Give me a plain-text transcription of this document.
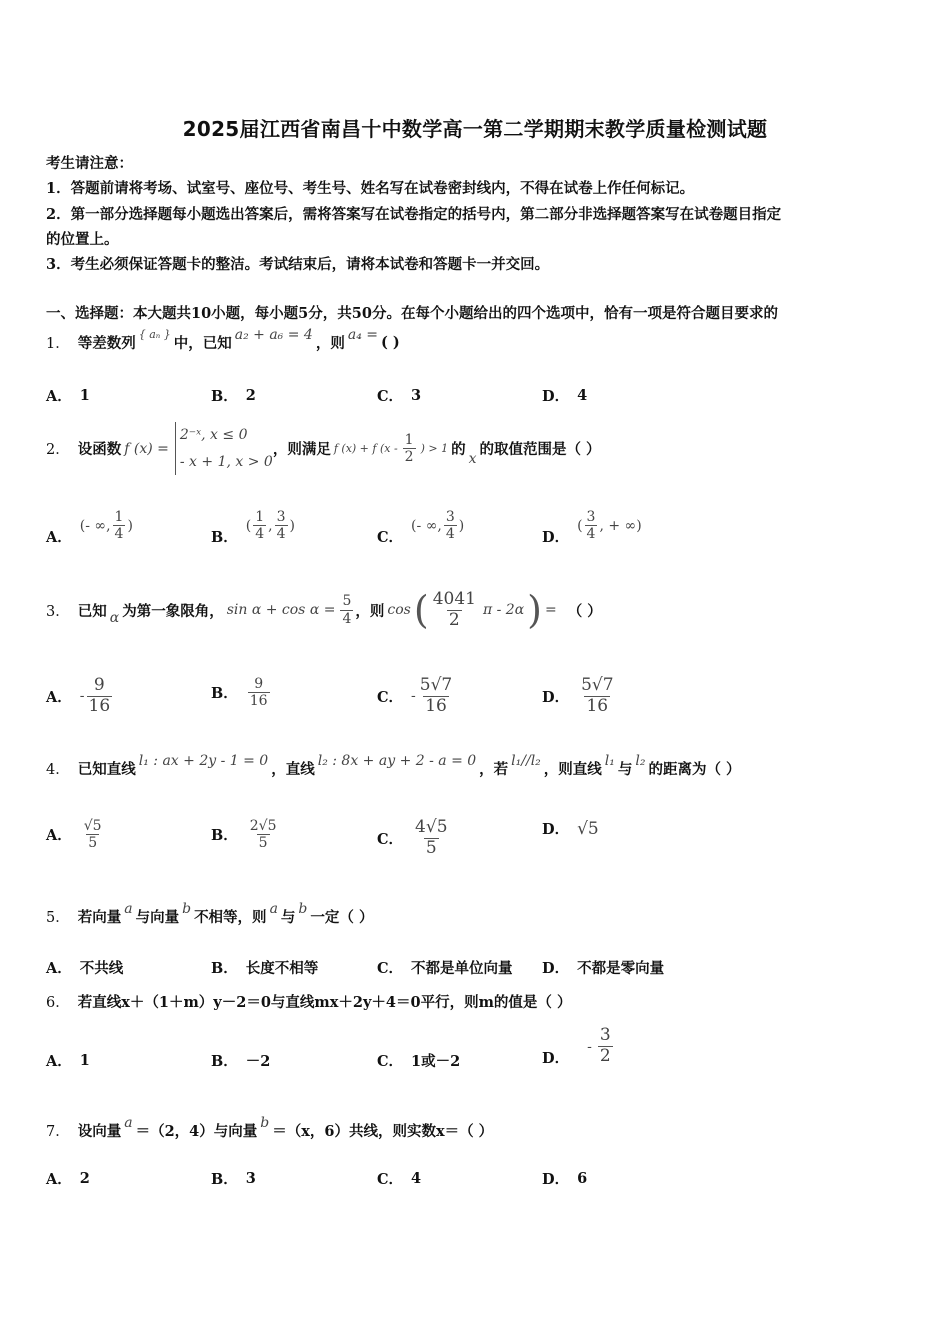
2025届江西省南昌十中数学高一第二学期期末教学质量检测试题
考生请注意：
1．答题前请将考场、试室号、座位号、考生号、姓名写在试卷密封线内，不得在试卷上作任何标记。
2．第一部分选择题每小题选出答案后，需将答案写在试卷指定的括号内，第二部分非选择题答案写在试卷题目指定
的位置上。
3．考生必须保证答题卡的整洁。考试结束后，请将本试卷和答题卡一并交回。
一、选择题：本大题共10小题，每小题5分，共50分。在每个小题给出的四个选项中，恰有一项是符合题目要求的
1． 等差数列
{ aₙ }
中，已知
a₂ + a₆ = 4
，则
a₄ = ( )
A． 1	B． 2	C． 3	D． 4
2． 设函数 f (x) =
2⁻ˣ, x ≤ 0
- x + 1, x > 0
，则满足 f (x) + f ($x - \frac{1}{2}$ ) > 1 的
x
的取值范围是（ ）
A．
(- ∞, $\frac{1}{4}$ )
B．
( $\frac{1}{4}$ , $\frac{3}{4}$ )
C．
(- ∞, $\frac{3}{4}$ )
D．
( $\frac{3}{4}$ , + ∞)
3． 已知 α 为第一象限角， $\sin \alpha + \cos \alpha = \frac{5}{4}$ ，则 cos ( $\frac{4041}{2}$ π - 2α ) = （ ）
A． - $\frac{9}{16}$	B． $\frac{9}{16}$	C． - $\frac{5√7}{16}$	D． $\frac{5√7}{16}$
4． 已知直线
l₁ : ax + 2y - 1 = 0
，直线
l₂ : 8x + ay + 2 - a = 0
，若
l₁//l₂
，则直线
l₁
与
l₂
的距离为（ ）
A． $\frac{√5}{5}$	B． $\frac{2√5}{5}$	C． $\frac{4√5}{5}$	D． √5
5． 若向量
a
与向量
b
不相等，则
a
与
b
一定（ ）
A． 不共线	B． 长度不相等	C． 不都是单位向量 D． 不都是零向量
6． 若直线x＋（1＋m）y－2＝0与直线mx＋2y＋4＝0平行，则m的值是（ ）
A． 1	B． －2	C． 1或－2	D．
- $\frac{3}{2}$
7． 设向量
a
＝（2，4）与向量
b
＝（x，6）共线，则实数x＝（ ）
A． 2	B． 3	C． 4	D． 6
